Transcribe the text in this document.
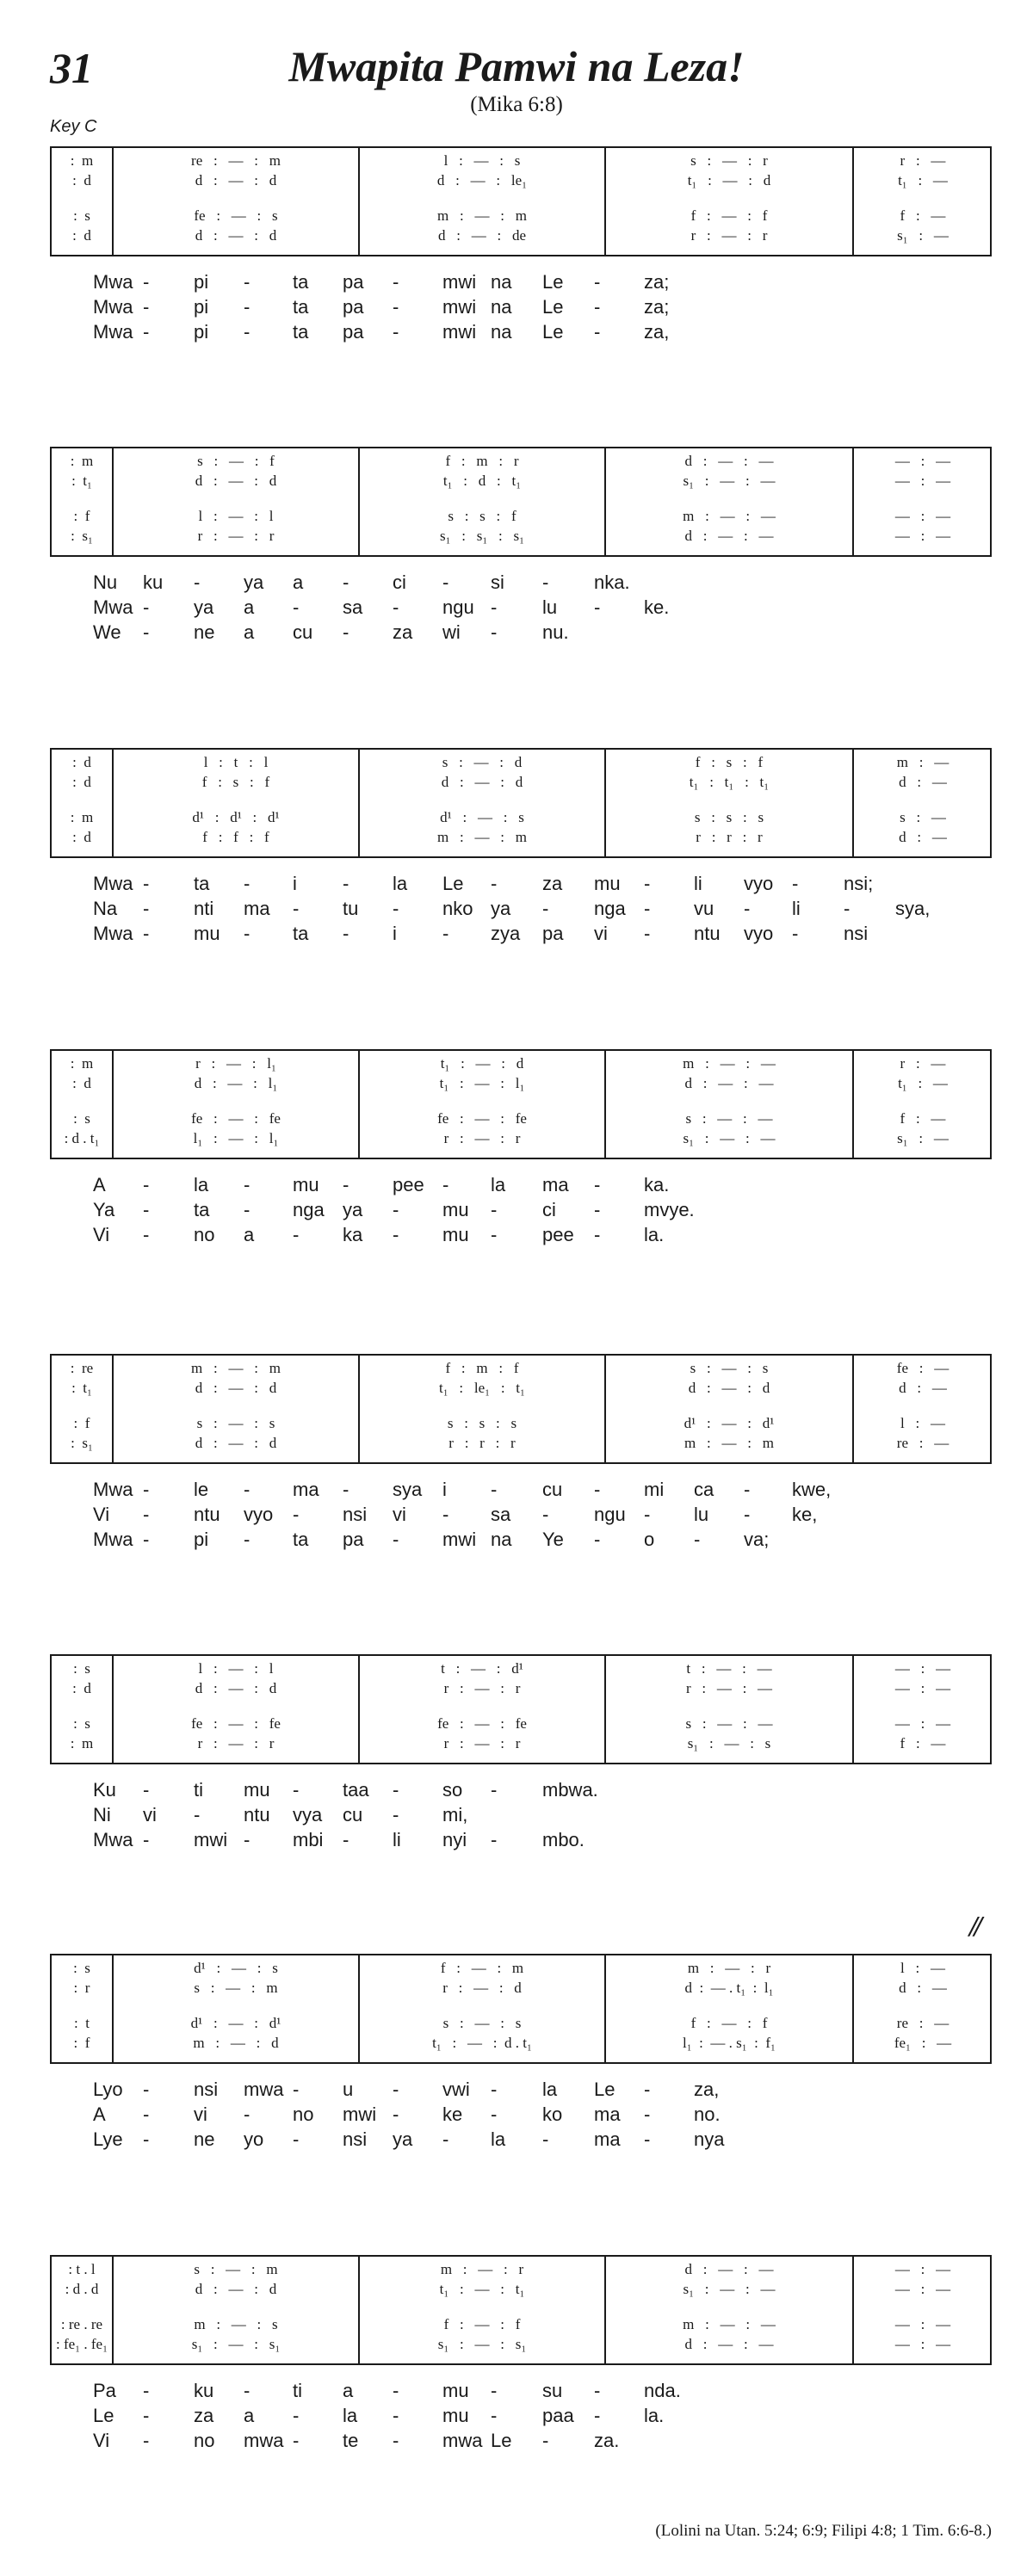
31	Mwapita Pamwi na Leza!
(Mika 6:8)
Key C
//
:  m	re   :   —   :   m	l   :   —   :   s	s   :   —   :   r	r   :   —
:  d	d   :   —   :   d	d   :   —   :   le₁	t₁   :   —   :   d	t₁   :   —
:  s	fe   :   —   :   s	m   :   —   :   m	f   :   —   :   f	f   :   —
:  d	d   :   —   :   d	d   :   —   :   de	r   :   —   :   r	s₁   :   —
Mwa - pi - ta pa - mwi na Le - za;
Mwa - pi - ta pa - mwi na Le - za;
Mwa - pi - ta pa - mwi na Le - za,
:  m	s   :   —   :   f	f   :   m   :   r	d   :   —   :   —	—   :   —
:  t₁	d   :   —   :   d	t₁   :   d   :   t₁	s₁   :   —   :   —	—   :   —
:  f	l   :   —   :   l	s   :   s   :   f	m   :   —   :   —	—   :   —
:  s₁	r   :   —   :   r	s₁   :   s₁   :   s₁	d   :   —   :   —	—   :   —
Nu ku - ya a - ci - si - nka.
Mwa - ya a - sa - ngu - lu - ke.
We - ne a cu - za wi - nu.
:  d	l   :   t   :   l	s   :   —   :   d	f   :   s   :   f	m   :   —
:  d	f   :   s   :   f	d   :   —   :   d	t₁   :   t₁   :   t₁	d   :   —
:  m	d¹   :   d¹   :   d¹	d¹   :   —   :   s	s   :   s   :   s	s   :   —
:  d	f   :   f   :   f	m   :   —   :   m	r   :   r   :   r	d   :   —
Mwa - ta - i - la Le - za mu - li vyo - nsi;
Na - nti ma - tu - nko ya - nga - vu - li - sya,
Mwa - mu - ta - i - zya pa vi - ntu vyo - nsi
:  m	r   :   —   :   l₁	t₁   :   —   :   d	m   :   —   :   —	r   :   —
:  d	d   :   —   :   l₁	t₁   :   —   :   l₁	d   :   —   :   —	t₁   :   —
:  s	fe   :   —   :   fe	fe   :   —   :   fe	s   :   —   :   —	f   :   —
: d . t₁	l₁   :   —   :   l₁	r   :   —   :   r	s₁   :   —   :   —	s₁   :   —
A - la - mu - pee - la ma - ka.
Ya - ta - nga ya - mu - ci - mvye.
Vi - no a - ka - mu - pee - la.
:  re	m   :   —   :   m	f   :   m   :   f	s   :   —   :   s	fe   :   —
:  t₁	d   :   —   :   d	t₁   :   le₁   :   t₁	d   :   —   :   d	d   :   —
:  f	s   :   —   :   s	s   :   s   :   s	d¹   :   —   :   d¹	l   :   —
:  s₁	d   :   —   :   d	r   :   r   :   r	m   :   —   :   m	re   :   —
Mwa - le - ma - sya i - cu - mi ca - kwe,
Vi - ntu vyo - nsi vi - sa - ngu - lu - ke,
Mwa - pi - ta pa - mwi na Ye - o - va;
:  s	l   :   —   :   l	t   :   —   :   d¹	t   :   —   :   —	—   :   —
:  d	d   :   —   :   d	r   :   —   :   r	r   :   —   :   —	—   :   —
:  s	fe   :   —   :   fe	fe   :   —   :   fe	s   :   —   :   —	—   :   —
:  m	r   :   —   :   r	r   :   —   :   r	s₁   :   —   :   s	f   :   —
Ku - ti mu - taa - so - mbwa.
Ni vi - ntu vya cu - mi,
Mwa - mwi - mbi - li nyi - mbo.
:  s	d¹   :   —   :   s	f   :   —   :   m	m   :   —   :   r	l   :   —
:  r	s   :   —   :   m	r   :   —   :   d	d  :  — . t₁  :  l₁	d   :   —
:  t	d¹   :   —   :   d¹	s   :   —   :   s	f   :   —   :   f	re   :   —
:  f	m   :   —   :   d	t₁   :   —   :  d . t₁	l₁  :  — . s₁  :  f₁	fe₁   :   —
Lyo - nsi mwa - u - vwi - la Le - za,
A - vi - no mwi - ke - ko ma - no.
Lye - ne yo - nsi ya - la - ma - nya
: t . l	s   :   —   :   m	m   :   —   :   r	d   :   —   :   —	—   :   —
: d . d	d   :   —   :   d	t₁   :   —   :   t₁	s₁   :   —   :   —	—   :   —
: re . re	m   :   —   :   s	f   :   —   :   f	m   :   —   :   —	—   :   —
: fe₁ . fe₁	s₁   :   —   :   s₁	s₁   :   —   :   s₁	d   :   —   :   —	—   :   —
Pa - ku - ti a - mu - su - nda.
Le - za a - la - mu - paa - la.
Vi - no mwa - te - mwa Le - za.
(Lolini na Utan. 5:24; 6:9; Filipi 4:8; 1 Tim. 6:6-8.)
